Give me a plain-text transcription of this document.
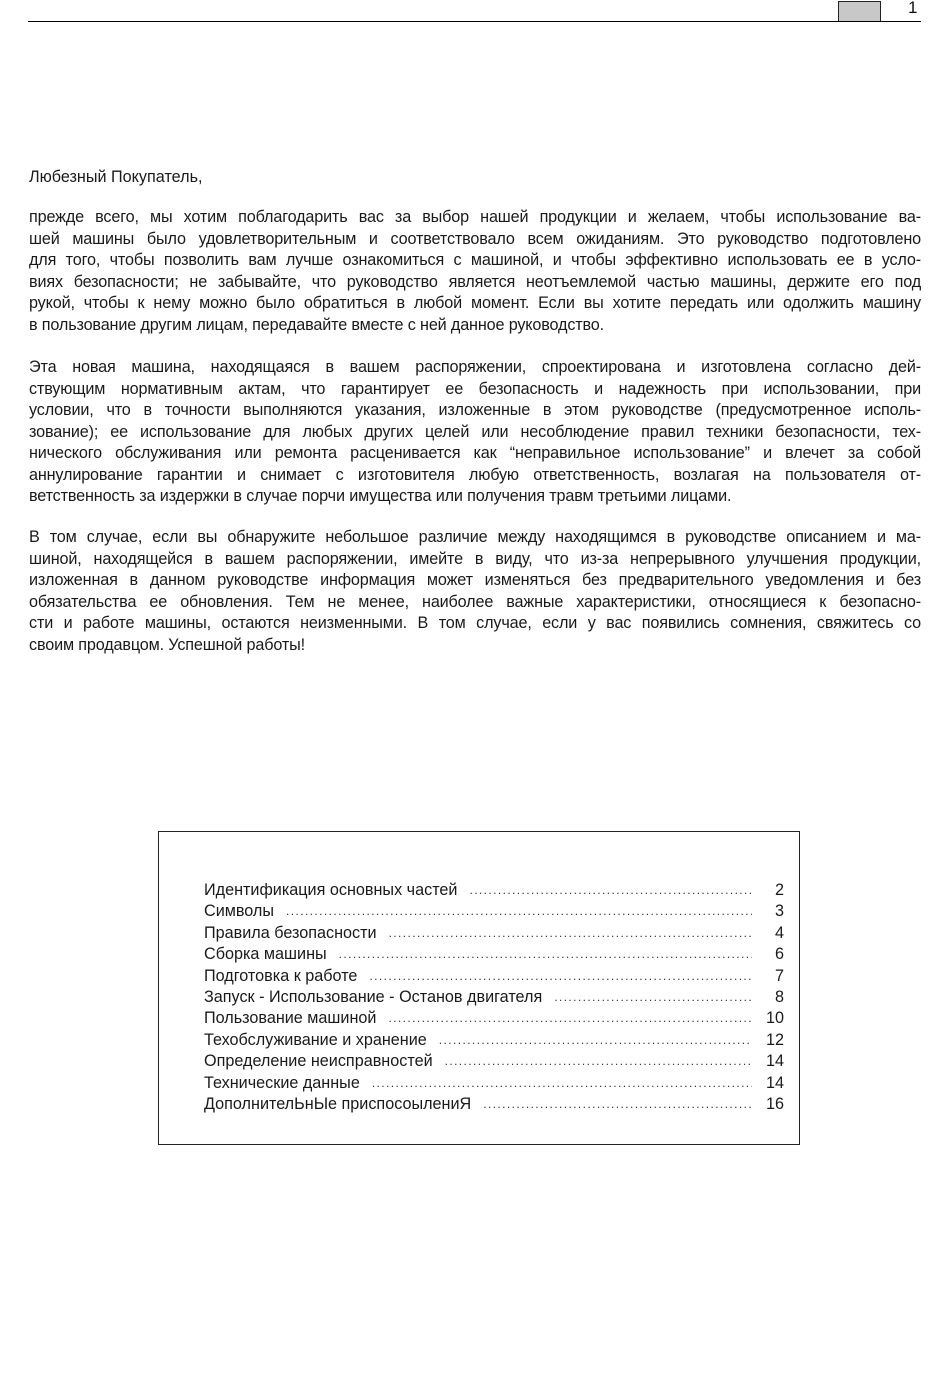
1

Любезный Покупатель,

прежде всего, мы хотим поблагодарить вас за выбор нашей продукции и желаем, чтобы использование ва-
шей машины было удовлетворительным и соответствовало всем ожиданиям. Это руководство подготовлено
для того, чтобы позволить вам лучше ознакомиться с машиной, и чтобы эффективно использовать ее в усло-
виях безопасности; не забывайте, что руководство является неотъемлемой частью машины, держите его под
рукой, чтобы к нему можно было обратиться в любой момент. Если вы хотите передать или одолжить машину
в пользование другим лицам, передавайте вместе с ней данное руководство.
Эта новая машина, находящаяся в вашем распоряжении, спроектирована и изготовлена согласно дей-
ствующим нормативным актам, что гарантирует ее безопасность и надежность при использовании, при
условии, что в точности выполняются указания, изложенные в этом руководстве (предусмотренное исполь-
зование); ее использование для любых других целей или несоблюдение правил техники безопасности, тех-
нического обслуживания или ремонта расценивается как “неправильное использование” и влечет за собой
аннулирование гарантии и снимает с изготовителя любую ответственность, возлагая на пользователя от-
ветственность за издержки в случае порчи имущества или получения травм третьими лицами.
В том случае, если вы обнаружите небольшое различие между находящимся в руководстве описанием и ма-
шиной, находящейся в вашем распоряжении, имейте в виду, что из-за непрерывного улучшения продукции,
изложенная в данном руководстве информация может изменяться без предварительного уведомления и без
обязательства ее обновления. Тем не менее, наиболее важные характеристики, относящиеся к безопасно-
сти и работе машины, остаются неизменными. В том случае, если у вас появились сомнения, свяжитесь со
своим продавцом. Успешной работы!
Идентификация основных частей .....	2
Символы .....	3
Правила безопасности .....	4
Сборка машины .....	6
Подготовка к работе .....	7
Запуск - Использование - Останов двигателя .....	8
Пользование машиной .....	10
Техобслуживание и хранение .....	12
Определение неисправностей .....	14
Технические данные .....	14
ДополнителЬнЫе приспосоылениЯ .....	16
